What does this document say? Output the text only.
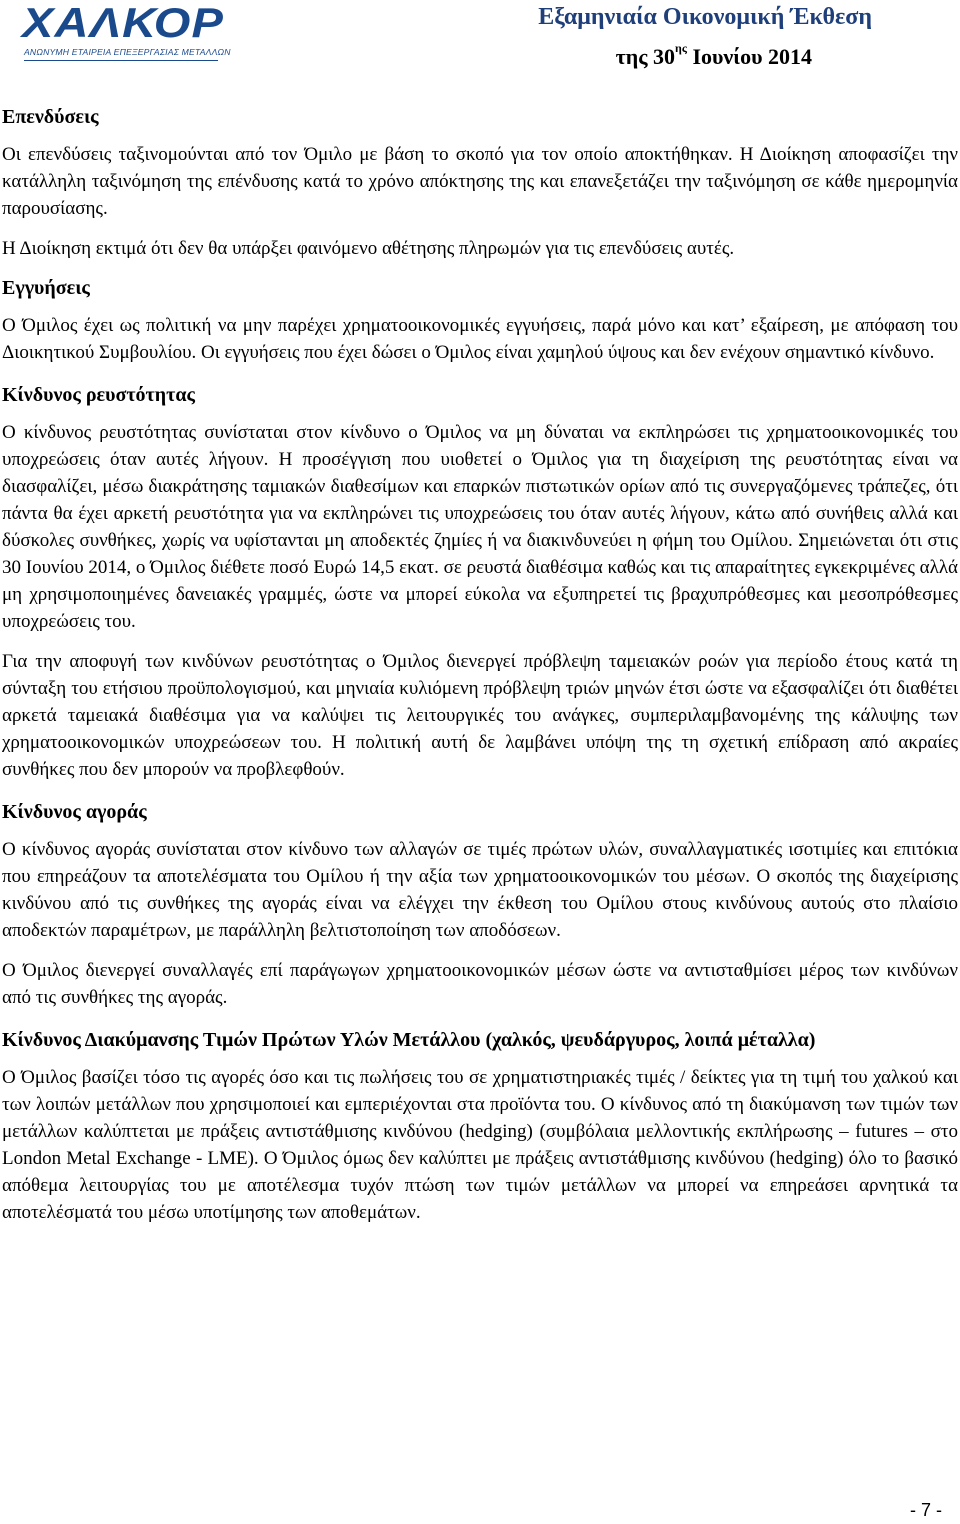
ΧΑΛΚΟΡ
ΑΝΩΝΥΜΗ ΕΤΑΙΡΕΙΑ ΕΠΕΞΕΡΓΑΣΙΑΣ ΜΕΤΑΛΛΩΝ
Εξαμηνιαία Οικονομική Έκθεση
της $30^{\eta\varsigma}$ Ιουνίου 2014
Επενδύσεις

Οι επενδύσεις ταξινομούνται από τον Όμιλο με βάση το σκοπό για τον οποίο αποκτήθηκαν. Η Διοίκηση αποφασίζει την κατάλληλη ταξινόμηση της επένδυσης κατά το χρόνο απόκτησης της και επανεξετάζει την ταξινόμηση σε κάθε ημερομηνία παρουσίασης.

Η Διοίκηση εκτιμά ότι δεν θα υπάρξει φαινόμενο αθέτησης πληρωμών για τις επενδύσεις αυτές.

Εγγυήσεις

Ο Όμιλος έχει ως πολιτική να μην παρέχει χρηματοοικονομικές εγγυήσεις, παρά μόνο και κατ’ εξαίρεση, με απόφαση του Διοικητικού Συμβουλίου. Οι εγγυήσεις που έχει δώσει ο Όμιλος είναι χαμηλού ύψους και δεν ενέχουν σημαντικό κίνδυνο.

Κίνδυνος ρευστότητας

Ο κίνδυνος ρευστότητας συνίσταται στον κίνδυνο ο Όμιλος να μη δύναται να εκπληρώσει τις χρηματοοικονομικές του υποχρεώσεις όταν αυτές λήγουν. Η προσέγγιση που υιοθετεί ο Όμιλος για τη διαχείριση της ρευστότητας είναι να διασφαλίζει, μέσω διακράτησης ταμιακών διαθεσίμων και επαρκών πιστωτικών ορίων από τις συνεργαζόμενες τράπεζες, ότι πάντα θα έχει αρκετή ρευστότητα για να εκπληρώνει τις υποχρεώσεις του όταν αυτές λήγουν, κάτω από συνήθεις αλλά και δύσκολες συνθήκες, χωρίς να υφίστανται μη αποδεκτές ζημίες ή να διακινδυνεύει η φήμη του Ομίλου. Σημειώνεται ότι στις 30 Ιουνίου 2014, ο Όμιλος διέθετε ποσό Ευρώ 14,5 εκατ. σε ρευστά διαθέσιμα καθώς και τις απαραίτητες εγκεκριμένες αλλά μη χρησιμοποιημένες δανειακές γραμμές, ώστε να μπορεί εύκολα να εξυπηρετεί τις βραχυπρόθεσμες και μεσοπρόθεσμες υποχρεώσεις του.

Για την αποφυγή των κινδύνων ρευστότητας ο Όμιλος διενεργεί πρόβλεψη ταμειακών ροών για περίοδο έτους κατά τη σύνταξη του ετήσιου προϋπολογισμού, και μηνιαία κυλιόμενη πρόβλεψη τριών μηνών έτσι ώστε να εξασφαλίζει ότι διαθέτει αρκετά ταμειακά διαθέσιμα για να καλύψει τις λειτουργικές του ανάγκες, συμπεριλαμβανομένης της κάλυψης των χρηματοοικονομικών υποχρεώσεων του. Η πολιτική αυτή δε λαμβάνει υπόψη της τη σχετική επίδραση από ακραίες συνθήκες που δεν μπορούν να προβλεφθούν.

Κίνδυνος αγοράς

Ο κίνδυνος αγοράς συνίσταται στον κίνδυνο των αλλαγών σε τιμές πρώτων υλών, συναλλαγματικές ισοτιμίες και επιτόκια που επηρεάζουν τα αποτελέσματα του Ομίλου ή την αξία των χρηματοοικονομικών του μέσων. Ο σκοπός της διαχείρισης κινδύνου από τις συνθήκες της αγοράς είναι να ελέγχει την έκθεση του Ομίλου στους κινδύνους αυτούς στο πλαίσιο αποδεκτών παραμέτρων, με παράλληλη βελτιστοποίηση των αποδόσεων.

Ο Όμιλος διενεργεί συναλλαγές επί παράγωγων χρηματοοικονομικών μέσων ώστε να αντισταθμίσει μέρος των κινδύνων από τις συνθήκες της αγοράς.

Κίνδυνος Διακύμανσης Τιμών Πρώτων Υλών Μετάλλου (χαλκός, ψευδάργυρος, λοιπά μέταλλα)

Ο Όμιλος βασίζει τόσο τις αγορές όσο και τις πωλήσεις του σε χρηματιστηριακές τιμές / δείκτες για τη τιμή του χαλκού και των λοιπών μετάλλων που χρησιμοποιεί και εμπεριέχονται στα προϊόντα του. Ο κίνδυνος από τη διακύμανση των τιμών των μετάλλων καλύπτεται με πράξεις αντιστάθμισης κινδύνου (hedging) (συμβόλαια μελλοντικής εκπλήρωσης – futures – στο London Metal Exchange - LME). Ο Όμιλος όμως δεν καλύπτει με πράξεις αντιστάθμισης κινδύνου (hedging) όλο το βασικό απόθεμα λειτουργίας του με αποτέλεσμα τυχόν πτώση των τιμών μετάλλων να μπορεί να επηρεάσει αρνητικά τα αποτελέσματά του μέσω υποτίμησης των αποθεμάτων.

- 7 -
